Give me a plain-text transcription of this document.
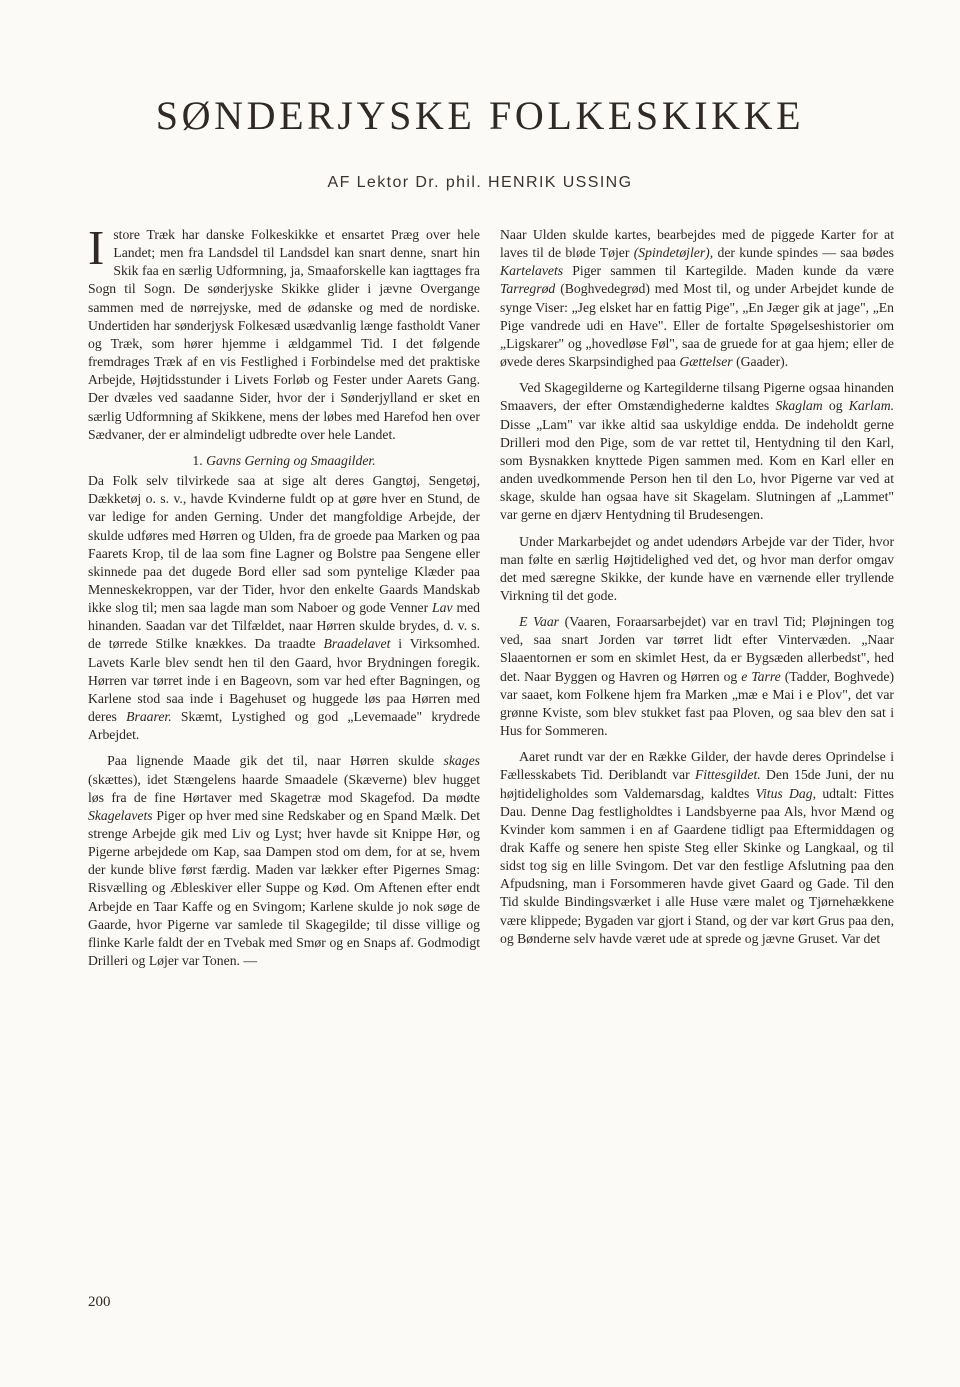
SØNDERJYSKE FOLKESKIKKE
AF Lektor Dr. phil. HENRIK USSING

Istore Træk har danske Folkeskikke et ensartet Præg over hele Landet; men fra Landsdel til Landsdel kan snart denne, snart hin Skik faa en særlig Udformning, ja, Smaaforskelle kan iagttages fra Sogn til Sogn. De sønderjyske Skikke glider i jævne Overgange sammen med de nørrejyske, med de ødanske og med de nordiske. Undertiden har sønderjysk Folkesæd usædvanlig længe fastholdt Vaner og Træk, som hører hjemme i ældgammel Tid. I det følgende fremdrages Træk af en vis Festlighed i Forbindelse med det praktiske Arbejde, Højtidsstunder i Livets Forløb og Fester under Aarets Gang. Der dvæles ved saadanne Sider, hvor der i Sønderjylland er sket en særlig Udformning af Skikkene, mens der løbes med Harefod hen over Sædvaner, der er almindeligt udbredte over hele Landet.

1. Gavns Gerning og Smaagilder.

Da Folk selv tilvirkede saa at sige alt deres Gangtøj, Sengetøj, Dækketøj o. s. v., havde Kvinderne fuldt op at gøre hver en Stund, de var ledige for anden Gerning. Under det mangfoldige Arbejde, der skulde udføres med Hørren og Ulden, fra de groede paa Marken og paa Faarets Krop, til de laa som fine Lagner og Bolstre paa Sengene eller skinnede paa det dugede Bord eller sad som pyntelige Klæder paa Menneskekroppen, var der Tider, hvor den enkelte Gaards Mandskab ikke slog til; men saa lagde man som Naboer og gode Venner Lav med hinanden. Saadan var det Tilfældet, naar Hørren skulde brydes, d. v. s. de tørrede Stilke knækkes. Da traadte Braadelavet i Virksomhed. Lavets Karle blev sendt hen til den Gaard, hvor Brydningen foregik. Hørren var tørret inde i en Bageovn, som var hed efter Bagningen, og Karlene stod saa inde i Bagehuset og huggede løs paa Hørren med deres Braarer. Skæmt, Lystighed og god „Levemaade" krydrede Arbejdet.

Paa lignende Maade gik det til, naar Hørren skulde skages (skættes), idet Stængelens haarde Smaadele (Skæverne) blev hugget løs fra de fine Hørtaver med Skagetræ mod Skagefod. Da mødte Skagelavets Piger op hver med sine Redskaber og en Spand Mælk. Det strenge Arbejde gik med Liv og Lyst; hver havde sit Knippe Hør, og Pigerne arbejdede om Kap, saa Dampen stod om dem, for at se, hvem der kunde blive først færdig. Maden var lækker efter Pigernes Smag: Risvælling og Æbleskiver eller Suppe og Kød. Om Aftenen efter endt Arbejde en Taar Kaffe og en Svingom; Karlene skulde jo nok søge de Gaarde, hvor Pigerne var samlede til Skagegilde; til disse villige og flinke Karle faldt der en Tvebak med Smør og en Snaps af. Godmodigt Drilleri og Løjer var Tonen. —

Naar Ulden skulde kartes, bearbejdes med de piggede Karter for at laves til de bløde Tøjer (Spindetøjler), der kunde spindes — saa bødes Kartelavets Piger sammen til Kartegilde. Maden kunde da være Tarregrød (Boghvedegrød) med Most til, og under Arbejdet kunde de synge Viser: „Jeg elsket har en fattig Pige", „En Jæger gik at jage", „En Pige vandrede udi en Have". Eller de fortalte Spøgelseshistorier om „Ligskarer" og „hovedløse Føl", saa de gruede for at gaa hjem; eller de øvede deres Skarpsindighed paa Gættelser (Gaader).

Ved Skagegilderne og Kartegilderne tilsang Pigerne ogsaa hinanden Smaavers, der efter Omstændighederne kaldtes Skaglam og Karlam. Disse „Lam" var ikke altid saa uskyldige endda. De indeholdt gerne Drilleri mod den Pige, som de var rettet til, Hentydning til den Karl, som Bysnakken knyttede Pigen sammen med. Kom en Karl eller en anden uvedkommende Person hen til den Lo, hvor Pigerne var ved at skage, skulde han ogsaa have sit Skagelam. Slutningen af „Lammet" var gerne en djærv Hentydning til Brudesengen.

Under Markarbejdet og andet udendørs Arbejde var der Tider, hvor man følte en særlig Højtidelighed ved det, og hvor man derfor omgav det med særegne Skikke, der kunde have en værnende eller tryllende Virkning til det gode.

E Vaar (Vaaren, Foraarsarbejdet) var en travl Tid; Pløjningen tog ved, saa snart Jorden var tørret lidt efter Vintervæden. „Naar Slaaentornen er som en skimlet Hest, da er Bygsæden allerbedst", hed det. Naar Byggen og Havren og Hørren og e Tarre (Tadder, Boghvede) var saaet, kom Folkene hjem fra Marken „mæ e Mai i e Plov", det var grønne Kviste, som blev stukket fast paa Ploven, og saa blev den sat i Hus for Sommeren.

Aaret rundt var der en Række Gilder, der havde deres Oprindelse i Fællesskabets Tid. Deriblandt var Fittesgildet. Den 15de Juni, der nu højtideligholdes som Valdemarsdag, kaldtes Vitus Dag, udtalt: Fittes Dau. Denne Dag festligholdtes i Landsbyerne paa Als, hvor Mænd og Kvinder kom sammen i en af Gaardene tidligt paa Eftermiddagen og drak Kaffe og senere hen spiste Steg eller Skinke og Langkaal, og til sidst tog sig en lille Svingom. Det var den festlige Afslutning paa den Afpudsning, man i Forsommeren havde givet Gaard og Gade. Til den Tid skulde Bindingsværket i alle Huse være malet og Tjørnehækkene være klippede; Bygaden var gjort i Stand, og der var kørt Grus paa den, og Bønderne selv havde været ude at sprede og jævne Gruset. Var det

200
